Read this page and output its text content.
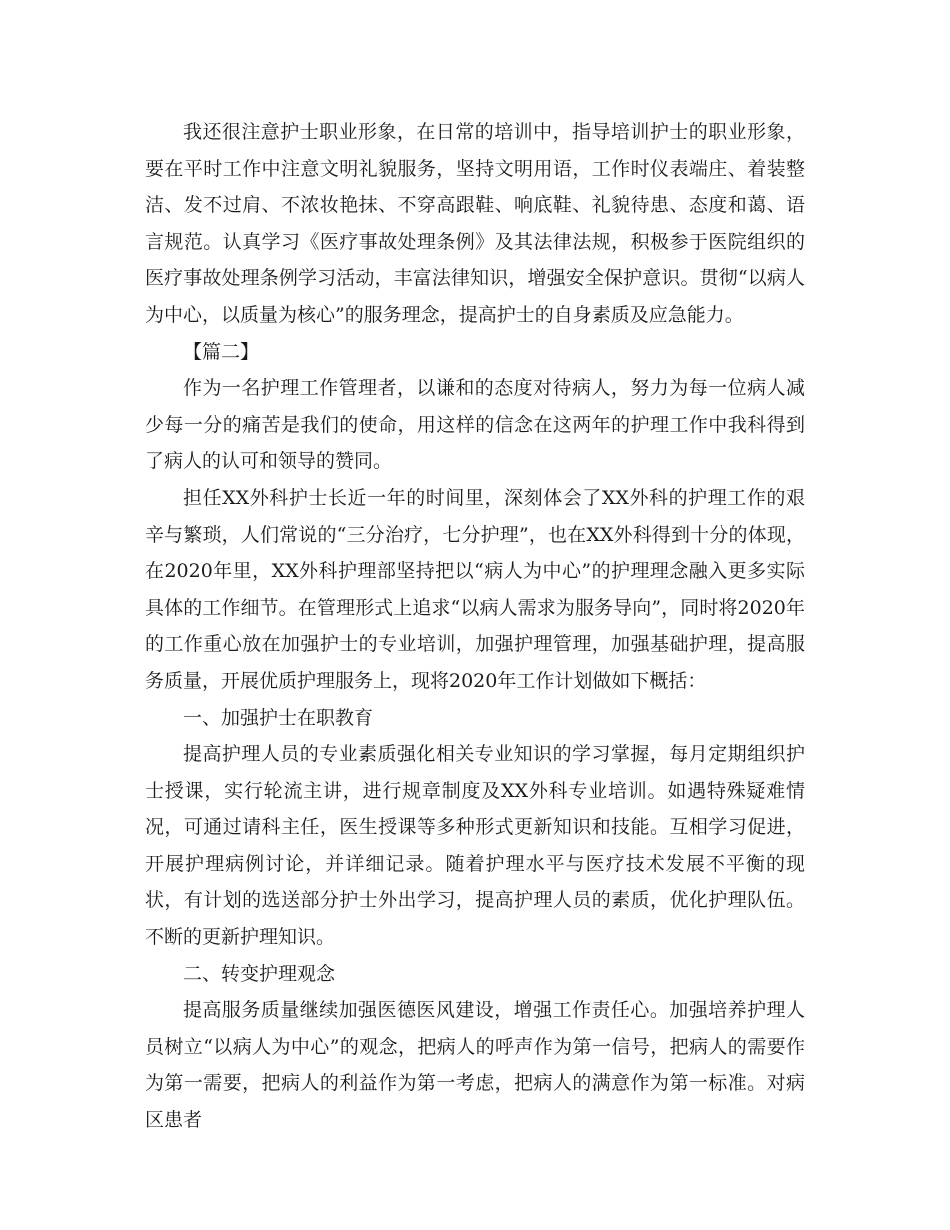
我还很注意护士职业形象，在日常的培训中，指导培训护士的职业形象，要在平时工作中注意文明礼貌服务，坚持文明用语，工作时仪表端庄、着装整洁、发不过肩、不浓妆艳抹、不穿高跟鞋、响底鞋、礼貌待患、态度和蔼、语言规范。认真学习《医疗事故处理条例》及其法律法规，积极参于医院组织的医疗事故处理条例学习活动，丰富法律知识，增强安全保护意识。贯彻“以病人为中心，以质量为核心”的服务理念，提高护士的自身素质及应急能力。

【篇二】

作为一名护理工作管理者，以谦和的态度对待病人，努力为每一位病人减少每一分的痛苦是我们的使命，用这样的信念在这两年的护理工作中我科得到了病人的认可和领导的赞同。

担任XX外科护士长近一年的时间里，深刻体会了XX外科的护理工作的艰辛与繁琐，人们常说的“三分治疗，七分护理”，也在XX外科得到十分的体现，在2020年里，XX外科护理部坚持把以“病人为中心”的护理理念融入更多实际具体的工作细节。在管理形式上追求“以病人需求为服务导向”，同时将2020年的工作重心放在加强护士的专业培训，加强护理管理，加强基础护理，提高服务质量，开展优质护理服务上，现将2020年工作计划做如下概括：

一、加强护士在职教育

提高护理人员的专业素质强化相关专业知识的学习掌握，每月定期组织护士授课，实行轮流主讲，进行规章制度及XX外科专业培训。如遇特殊疑难情况，可通过请科主任，医生授课等多种形式更新知识和技能。互相学习促进，开展护理病例讨论，并详细记录。随着护理水平与医疗技术发展不平衡的现状，有计划的选送部分护士外出学习，提高护理人员的素质，优化护理队伍。不断的更新护理知识。

二、转变护理观念

提高服务质量继续加强医德医风建设，增强工作责任心。加强培养护理人员树立“以病人为中心”的观念，把病人的呼声作为第一信号，把病人的需要作为第一需要，把病人的利益作为第一考虑，把病人的满意作为第一标准。对病区患者
